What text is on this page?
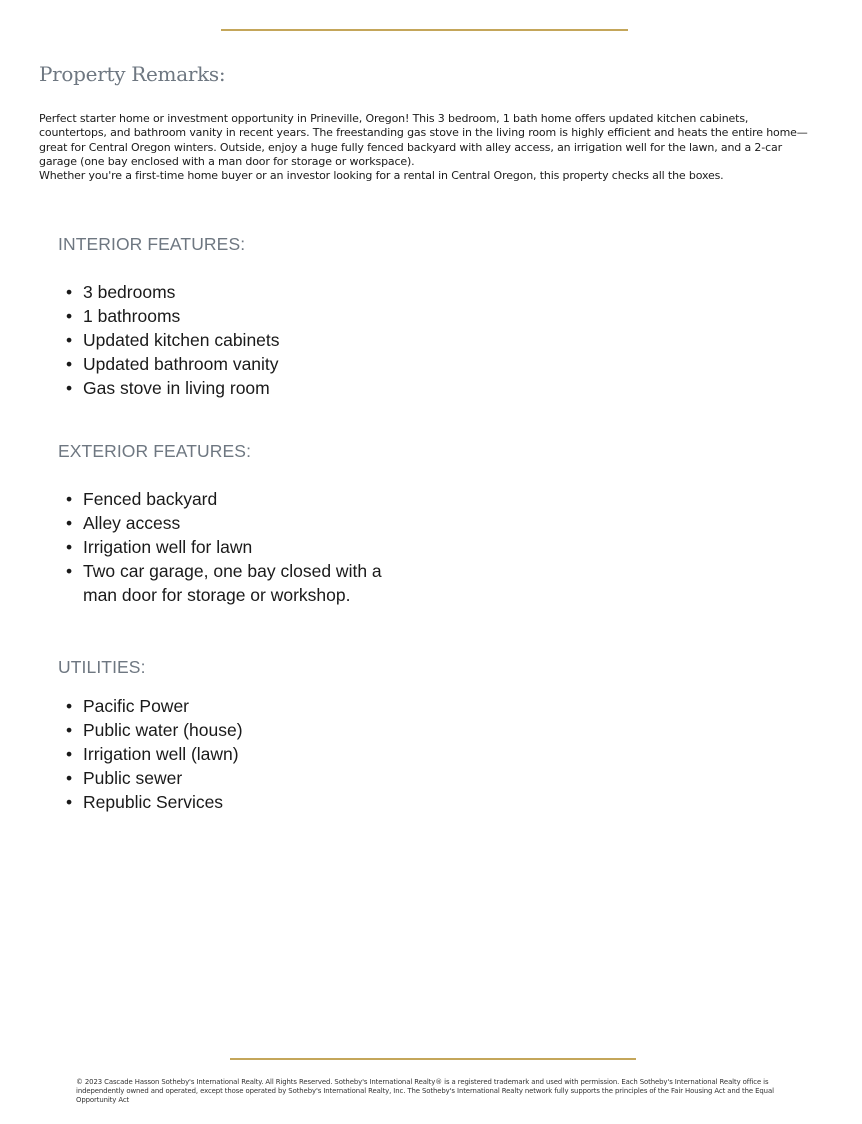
Property Remarks:

Perfect starter home or investment opportunity in Prineville, Oregon! This 3 bedroom, 1 bath home offers updated kitchen cabinets, countertops, and bathroom vanity in recent years. The freestanding gas stove in the living room is highly efficient and heats the entire home—great for Central Oregon winters. Outside, enjoy a huge fully fenced backyard with alley access, an irrigation well for the lawn, and a 2-car garage (one bay enclosed with a man door for storage or workspace).

Whether you're a first-time home buyer or an investor looking for a rental in Central Oregon, this property checks all the boxes.

INTERIOR FEATURES:
• 3 bedrooms
• 1 bathrooms
• Updated kitchen cabinets
• Updated bathroom vanity
• Gas stove in living room
EXTERIOR FEATURES:
• Fenced backyard
• Alley access
• Irrigation well for lawn
• Two car garage, one bay closed with a man door for storage or workshop.
UTILITIES:
• Pacific Power
• Public water (house)
• Irrigation well (lawn)
• Public sewer
• Republic Services

© 2023 Cascade Hasson Sotheby's International Realty. All Rights Reserved. Sotheby's International Realty® is a registered trademark and used with permission. Each Sotheby's International Realty office is independently owned and operated, except those operated by Sotheby's International Realty, Inc. The Sotheby's International Realty network fully supports the principles of the Fair Housing Act and the Equal Opportunity Act
